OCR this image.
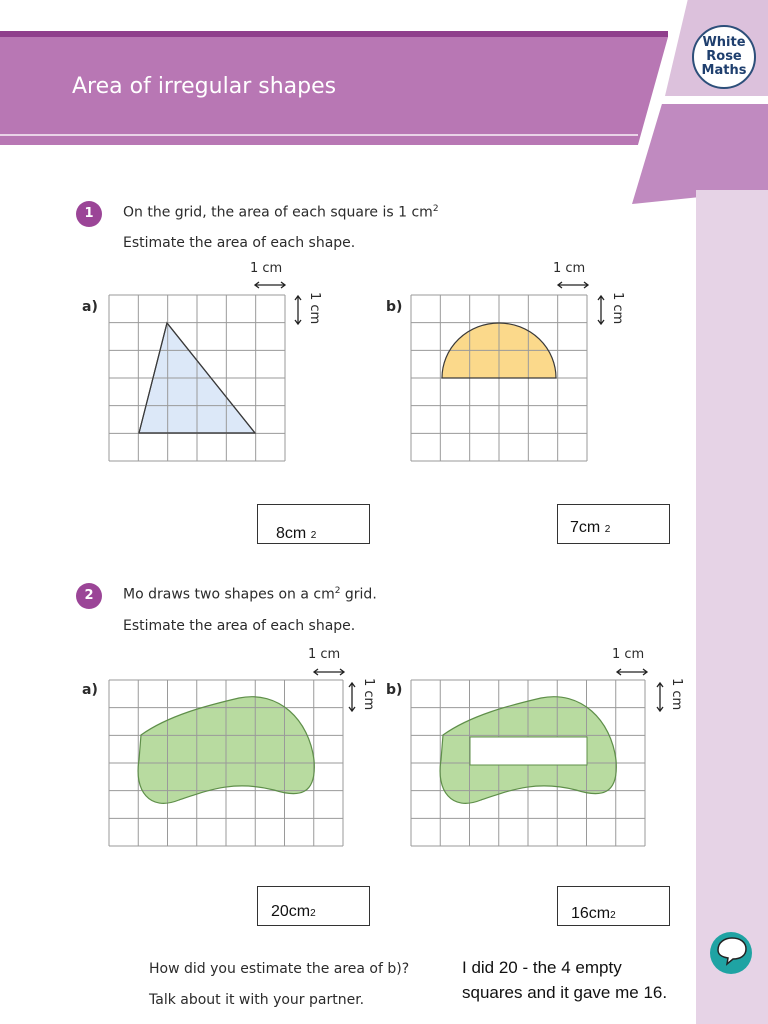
Area of irregular shapes
White
Rose
Maths
1	On the grid, the area of each square is 1 $cm^2$
Estimate the area of each shape.
a)	b)
1 cm
1 cm
1 cm
1 cm
8cm 2	7cm 2
2	Mo draws two shapes on a $cm^2$ grid.
Estimate the area of each shape.
a)	b)
1 cm
1 cm
1 cm
1 cm
20cm2	16cm2
How did you estimate the area of b)?
Talk about it with your partner.
I did 20 - the 4 empty
squares and it gave me 16.
